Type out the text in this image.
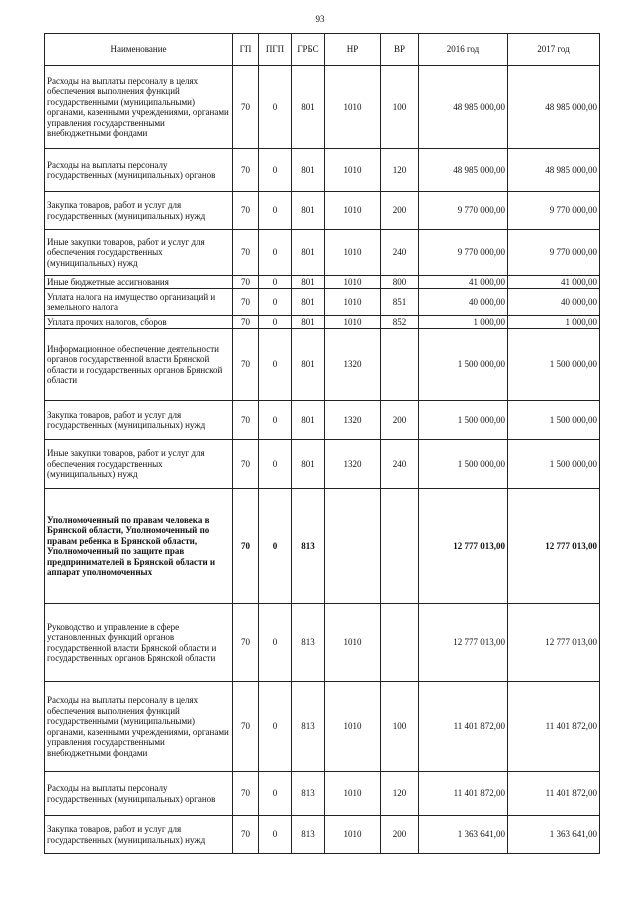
93
Наименование	ГП	ПГП	ГРБС	НР	ВР	2016 год	2017 год
Расходы на выплаты персоналу в целях обеспечения выполнения функций государственными (муниципальными) органами, казенными учреждениями, органами управления государственными внебюджетными фондами	70	0	801	1010	100	48 985 000,00	48 985 000,00
Расходы на выплаты персоналу государственных (муниципальных) органов	70	0	801	1010	120	48 985 000,00	48 985 000,00
Закупка товаров, работ и услуг для государственных (муниципальных) нужд	70	0	801	1010	200	9 770 000,00	9 770 000,00
Иные закупки товаров, работ и услуг для обеспечения государственных (муниципальных) нужд	70	0	801	1010	240	9 770 000,00	9 770 000,00
Иные бюджетные ассигнования	70	0	801	1010	800	41 000,00	41 000,00
Уплата налога на имущество организаций и земельного налога	70	0	801	1010	851	40 000,00	40 000,00
Уплата прочих налогов, сборов	70	0	801	1010	852	1 000,00	1 000,00
Информационное обеспечение деятельности органов государственной власти Брянской области и государственных органов Брянской области	70	0	801	1320		1 500 000,00	1 500 000,00
Закупка товаров, работ и услуг для государственных (муниципальных) нужд	70	0	801	1320	200	1 500 000,00	1 500 000,00
Иные закупки товаров, работ и услуг для обеспечения государственных (муниципальных) нужд	70	0	801	1320	240	1 500 000,00	1 500 000,00
Уполномоченный по правам человека в Брянской области, Уполномоченный по правам ребенка в Брянской области, Уполномоченный по защите прав предпринимателей в Брянской области и аппарат уполномоченных	70	0	813			12 777 013,00	12 777 013,00
Руководство и управление в сфере установленных функций органов государственной власти Брянской области и государственных органов Брянской области	70	0	813	1010		12 777 013,00	12 777 013,00
Расходы на выплаты персоналу в целях обеспечения выполнения функций государственными (муниципальными) органами, казенными учреждениями, органами управления государственными внебюджетными фондами	70	0	813	1010	100	11 401 872,00	11 401 872,00
Расходы на выплаты персоналу государственных (муниципальных) органов	70	0	813	1010	120	11 401 872,00	11 401 872,00
Закупка товаров, работ и услуг для государственных (муниципальных) нужд	70	0	813	1010	200	1 363 641,00	1 363 641,00
